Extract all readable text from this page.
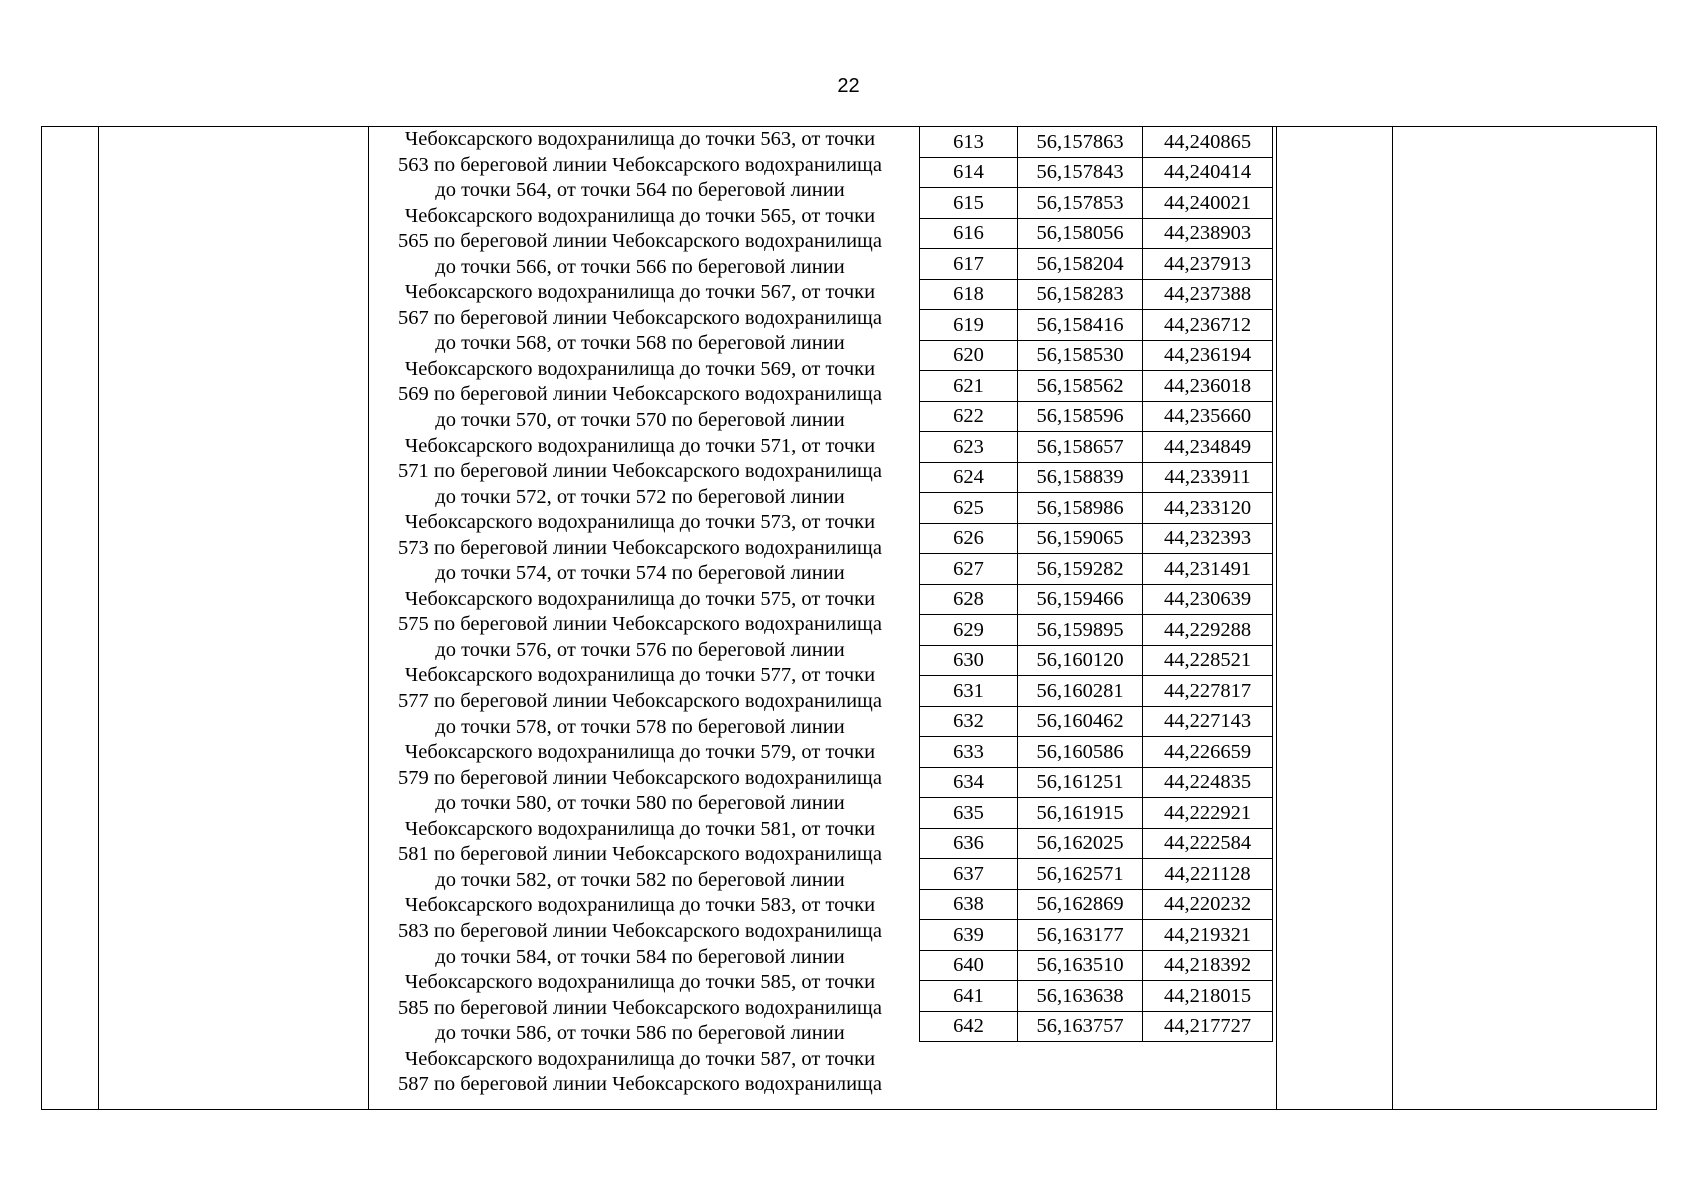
22
Чебоксарского водохранилища до точки 563, от точки
563 по береговой линии Чебоксарского водохранилища
до точки 564, от точки 564 по береговой линии
Чебоксарского водохранилища до точки 565, от точки
565 по береговой линии Чебоксарского водохранилища
до точки 566, от точки 566 по береговой линии
Чебоксарского водохранилища до точки 567, от точки
567 по береговой линии Чебоксарского водохранилища
до точки 568, от точки 568 по береговой линии
Чебоксарского водохранилища до точки 569, от точки
569 по береговой линии Чебоксарского водохранилища
до точки 570, от точки 570 по береговой линии
Чебоксарского водохранилища до точки 571, от точки
571 по береговой линии Чебоксарского водохранилища
до точки 572, от точки 572 по береговой линии
Чебоксарского водохранилища до точки 573, от точки
573 по береговой линии Чебоксарского водохранилища
до точки 574, от точки 574 по береговой линии
Чебоксарского водохранилища до точки 575, от точки
575 по береговой линии Чебоксарского водохранилища
до точки 576, от точки 576 по береговой линии
Чебоксарского водохранилища до точки 577, от точки
577 по береговой линии Чебоксарского водохранилища
до точки 578, от точки 578 по береговой линии
Чебоксарского водохранилища до точки 579, от точки
579 по береговой линии Чебоксарского водохранилища
до точки 580, от точки 580 по береговой линии
Чебоксарского водохранилища до точки 581, от точки
581 по береговой линии Чебоксарского водохранилища
до точки 582, от точки 582 по береговой линии
Чебоксарского водохранилища до точки 583, от точки
583 по береговой линии Чебоксарского водохранилища
до точки 584, от точки 584 по береговой линии
Чебоксарского водохранилища до точки 585, от точки
585 по береговой линии Чебоксарского водохранилища
до точки 586, от точки 586 по береговой линии
Чебоксарского водохранилища до точки 587, от точки
587 по береговой линии Чебоксарского водохранилища
613	56,157863	44,240865
614	56,157843	44,240414
615	56,157853	44,240021
616	56,158056	44,238903
617	56,158204	44,237913
618	56,158283	44,237388
619	56,158416	44,236712
620	56,158530	44,236194
621	56,158562	44,236018
622	56,158596	44,235660
623	56,158657	44,234849
624	56,158839	44,233911
625	56,158986	44,233120
626	56,159065	44,232393
627	56,159282	44,231491
628	56,159466	44,230639
629	56,159895	44,229288
630	56,160120	44,228521
631	56,160281	44,227817
632	56,160462	44,227143
633	56,160586	44,226659
634	56,161251	44,224835
635	56,161915	44,222921
636	56,162025	44,222584
637	56,162571	44,221128
638	56,162869	44,220232
639	56,163177	44,219321
640	56,163510	44,218392
641	56,163638	44,218015
642	56,163757	44,217727
